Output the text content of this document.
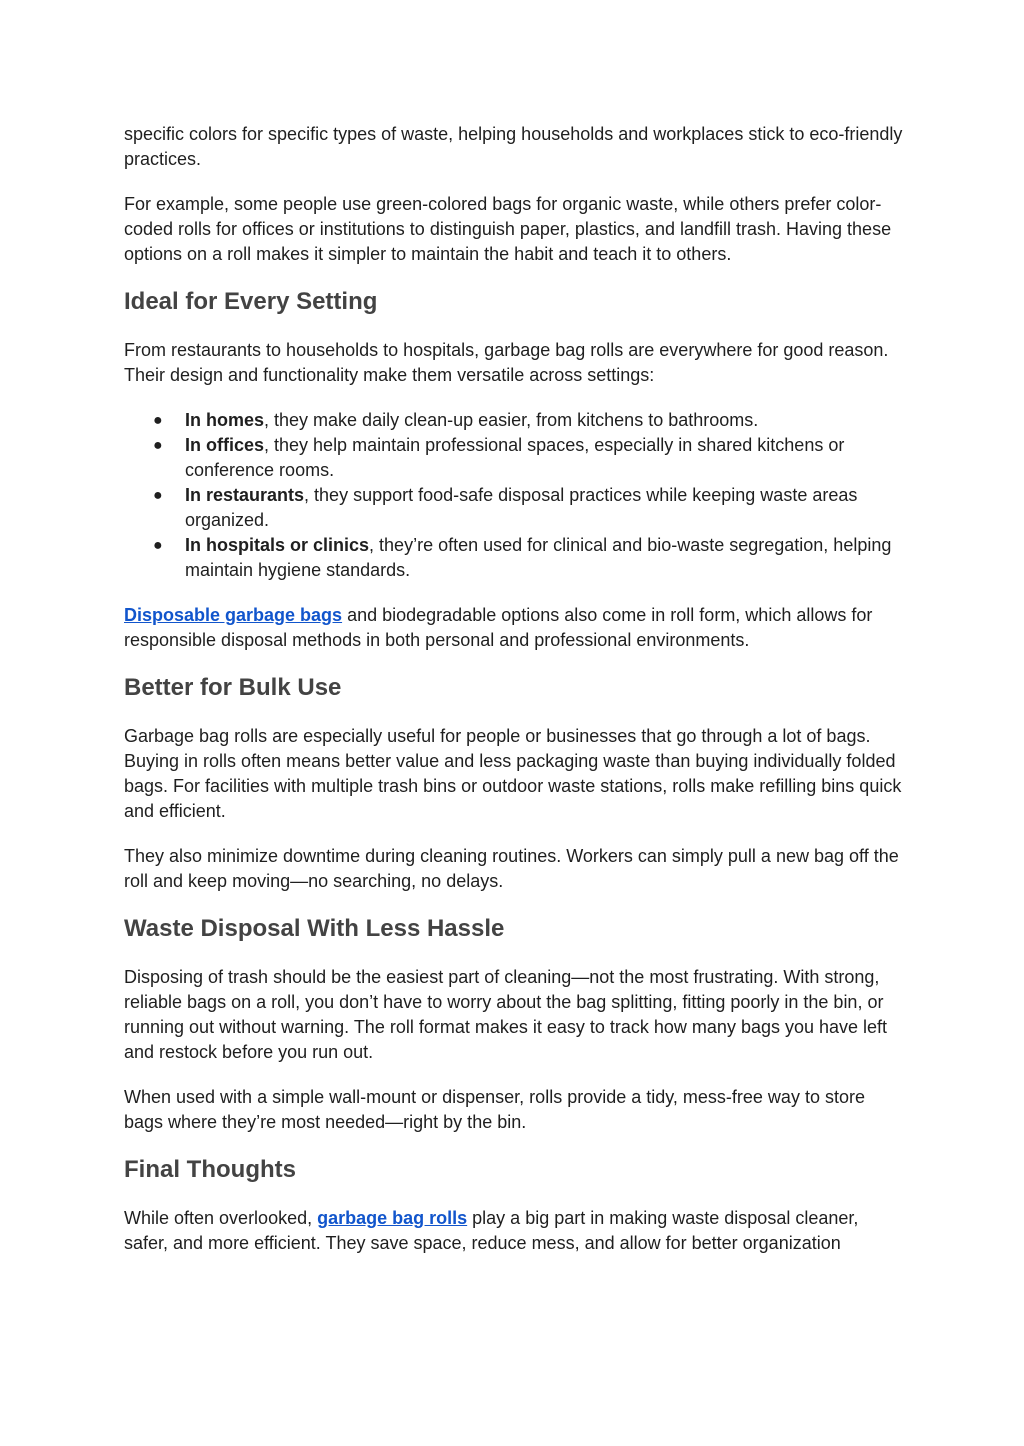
specific colors for specific types of waste, helping households and workplaces stick to eco-friendly practices.

For example, some people use green-colored bags for organic waste, while others prefer color-coded rolls for offices or institutions to distinguish paper, plastics, and landfill trash. Having these options on a roll makes it simpler to maintain the habit and teach it to others.

Ideal for Every Setting

From restaurants to households to hospitals, garbage bag rolls are everywhere for good reason. Their design and functionality make them versatile across settings:

● In homes, they make daily clean-up easier, from kitchens to bathrooms.
● In offices, they help maintain professional spaces, especially in shared kitchens or conference rooms.
● In restaurants, they support food-safe disposal practices while keeping waste areas organized.
● In hospitals or clinics, they’re often used for clinical and bio-waste segregation, helping maintain hygiene standards.

Disposable garbage bags and biodegradable options also come in roll form, which allows for responsible disposal methods in both personal and professional environments.

Better for Bulk Use

Garbage bag rolls are especially useful for people or businesses that go through a lot of bags. Buying in rolls often means better value and less packaging waste than buying individually folded bags. For facilities with multiple trash bins or outdoor waste stations, rolls make refilling bins quick and efficient.

They also minimize downtime during cleaning routines. Workers can simply pull a new bag off the roll and keep moving—no searching, no delays.

Waste Disposal With Less Hassle

Disposing of trash should be the easiest part of cleaning—not the most frustrating. With strong, reliable bags on a roll, you don’t have to worry about the bag splitting, fitting poorly in the bin, or running out without warning. The roll format makes it easy to track how many bags you have left and restock before you run out.

When used with a simple wall-mount or dispenser, rolls provide a tidy, mess-free way to store bags where they’re most needed—right by the bin.

Final Thoughts

While often overlooked, garbage bag rolls play a big part in making waste disposal cleaner, safer, and more efficient. They save space, reduce mess, and allow for better organization
